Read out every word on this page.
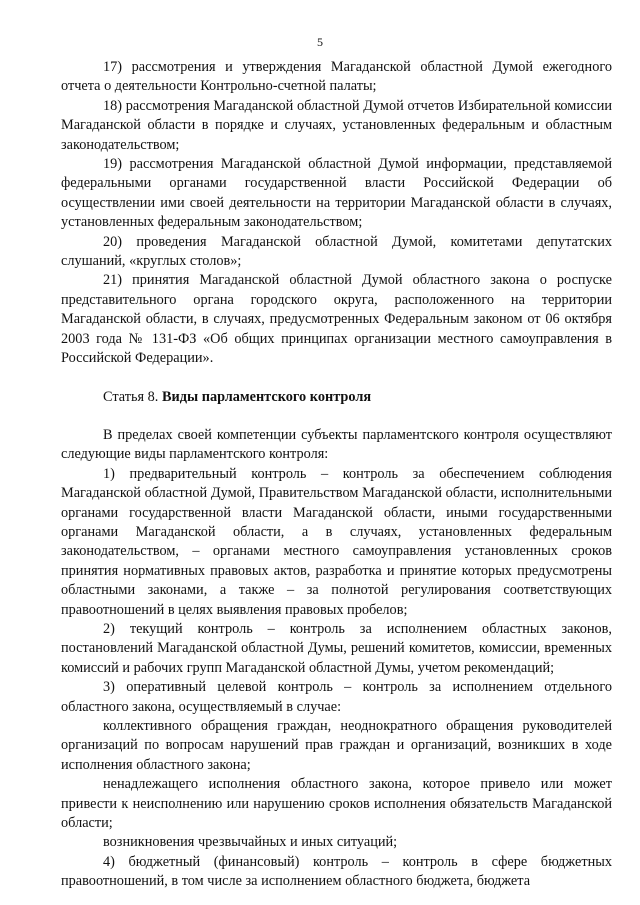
5

17) рассмотрения и утверждения Магаданской областной Думой ежегодного отчета о деятельности Контрольно-счетной палаты;

18) рассмотрения Магаданской областной Думой отчетов Избирательной комиссии Магаданской области в порядке и случаях, установленных федеральным и областным законодательством;

19) рассмотрения Магаданской областной Думой информации, представляемой федеральными органами государственной власти Российской Федерации об осуществлении ими своей деятельности на территории Магаданской области в случаях, установленных федеральным законодательством;

20) проведения Магаданской областной Думой, комитетами депутатских слушаний, «круглых столов»;

21) принятия Магаданской областной Думой областного закона о роспуске представительного органа городского округа, расположенного на территории Магаданской области, в случаях, предусмотренных Федеральным законом от 06 октября 2003 года № 131-ФЗ «Об общих принципах организации местного самоуправления в Российской Федерации».

Статья 8. Виды парламентского контроля

В пределах своей компетенции субъекты парламентского контроля осуществляют следующие виды парламентского контроля:

1) предварительный контроль – контроль за обеспечением соблюдения Магаданской областной Думой, Правительством Магаданской области, исполнительными органами государственной власти Магаданской области, иными государственными органами Магаданской области, а в случаях, установленных федеральным законодательством, – органами местного самоуправления установленных сроков принятия нормативных правовых актов, разработка и принятие которых предусмотрены областными законами, а также – за полнотой регулирования соответствующих правоотношений в целях выявления правовых пробелов;

2) текущий контроль – контроль за исполнением областных законов, постановлений Магаданской областной Думы, решений комитетов, комиссии, временных комиссий и рабочих групп Магаданской областной Думы, учетом рекомендаций;

3) оперативный целевой контроль – контроль за исполнением отдельного областного закона, осуществляемый в случае:

коллективного обращения граждан, неоднократного обращения руководителей организаций по вопросам нарушений прав граждан и организаций, возникших в ходе исполнения областного закона;

ненадлежащего исполнения областного закона, которое привело или может привести к неисполнению или нарушению сроков исполнения обязательств Магаданской области;

возникновения чрезвычайных и иных ситуаций;

4) бюджетный (финансовый) контроль – контроль в сфере бюджетных правоотношений, в том числе за исполнением областного бюджета, бюджета
